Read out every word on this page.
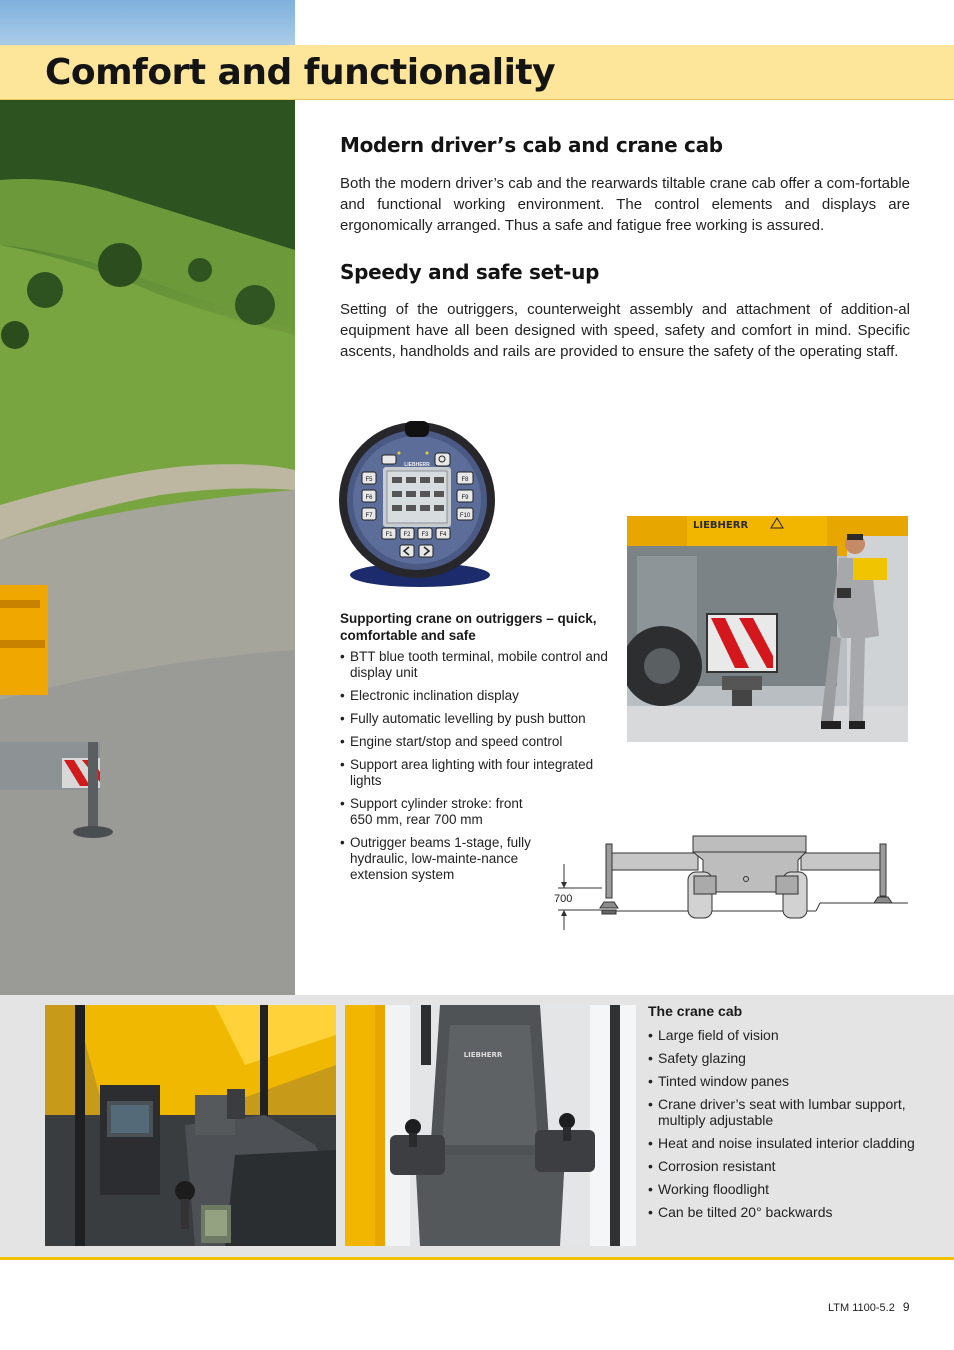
Comfort and functionality
Modern driver’s cab and crane cab

Both the modern driver’s cab and the rearwards tiltable crane cab offer a com-fortable and functional working environment. The control elements and displays are ergonomically arranged. Thus a safe and fatigue free working is assured.

Speedy and safe set-up

Setting of the outriggers, counterweight assembly and attachment of addition-al equipment have all been designed with speed, safety and comfort in mind. Specific ascents, handholds and rails are provided to ensure the safety of the operating staff.

LIEBHERR
F5
F6
F7
F8
F9
F10
F1 F2 F3 F4
Supporting crane on outriggers – quick, comfortable and safe
• BTT blue tooth terminal, mobile control and display unit
• Electronic inclination display
• Fully automatic levelling by push button
• Engine start/stop and speed control
• Support area lighting with four integrated lights
• Support cylinder stroke: front 650 mm, rear 700 mm
• Outrigger beams 1-stage, fully hydraulic, low-mainte-nance extension system
LIEBHERR
700
LIEBHERR
The crane cab
• Large field of vision
• Safety glazing
• Tinted window panes
• Crane driver’s seat with lumbar support, multiply adjustable
• Heat and noise insulated interior cladding
• Corrosion resistant
• Working floodlight
• Can be tilted 20° backwards
LTM 1100-5.2 9
